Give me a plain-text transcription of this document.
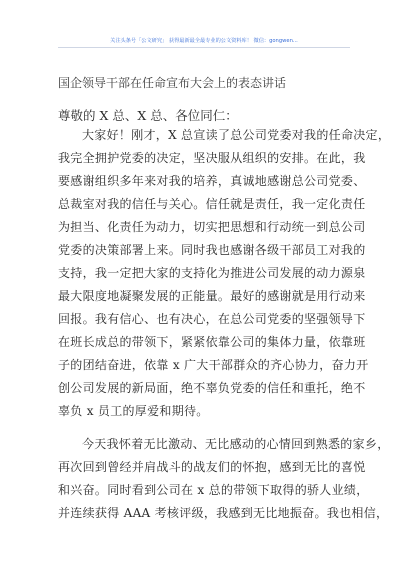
关注头条号「公文研究」 获得最新最全最专业的公文资料库！ 微信：gongwen...
国企领导干部在任命宣布大会上的表态讲话
尊敬的 X 总、X 总、各位同仁：
大家好！刚才，X 总宣读了总公司党委对我的任命决定，
我完全拥护党委的决定，坚决服从组织的安排。在此，我
要感谢组织多年来对我的培养，真诚地感谢总公司党委、
总裁室对我的信任与关心。信任就是责任，我一定化责任
为担当、化责任为动力，切实把思想和行动统一到总公司
党委的决策部署上来。同时我也感谢各级干部员工对我的
支持，我一定把大家的支持化为推进公司发展的动力源泉
最大限度地凝聚发展的正能量。最好的感谢就是用行动来
回报。我有信心、也有决心，在总公司党委的坚强领导下
在班长成总的带领下，紧紧依靠公司的集体力量，依靠班
子的团结奋进，依靠 x 广大干部群众的齐心协力，奋力开
创公司发展的新局面，绝不辜负党委的信任和重托，绝不
辜负 x 员工的厚爱和期待。
今天我怀着无比激动、无比感动的心情回到熟悉的家乡，
再次回到曾经并肩战斗的战友们的怀抱，感到无比的喜悦
和兴奋。同时看到公司在 x 总的带领下取得的骄人业绩，
并连续获得 AAA 考核评级，我感到无比地振奋。我也相信，
